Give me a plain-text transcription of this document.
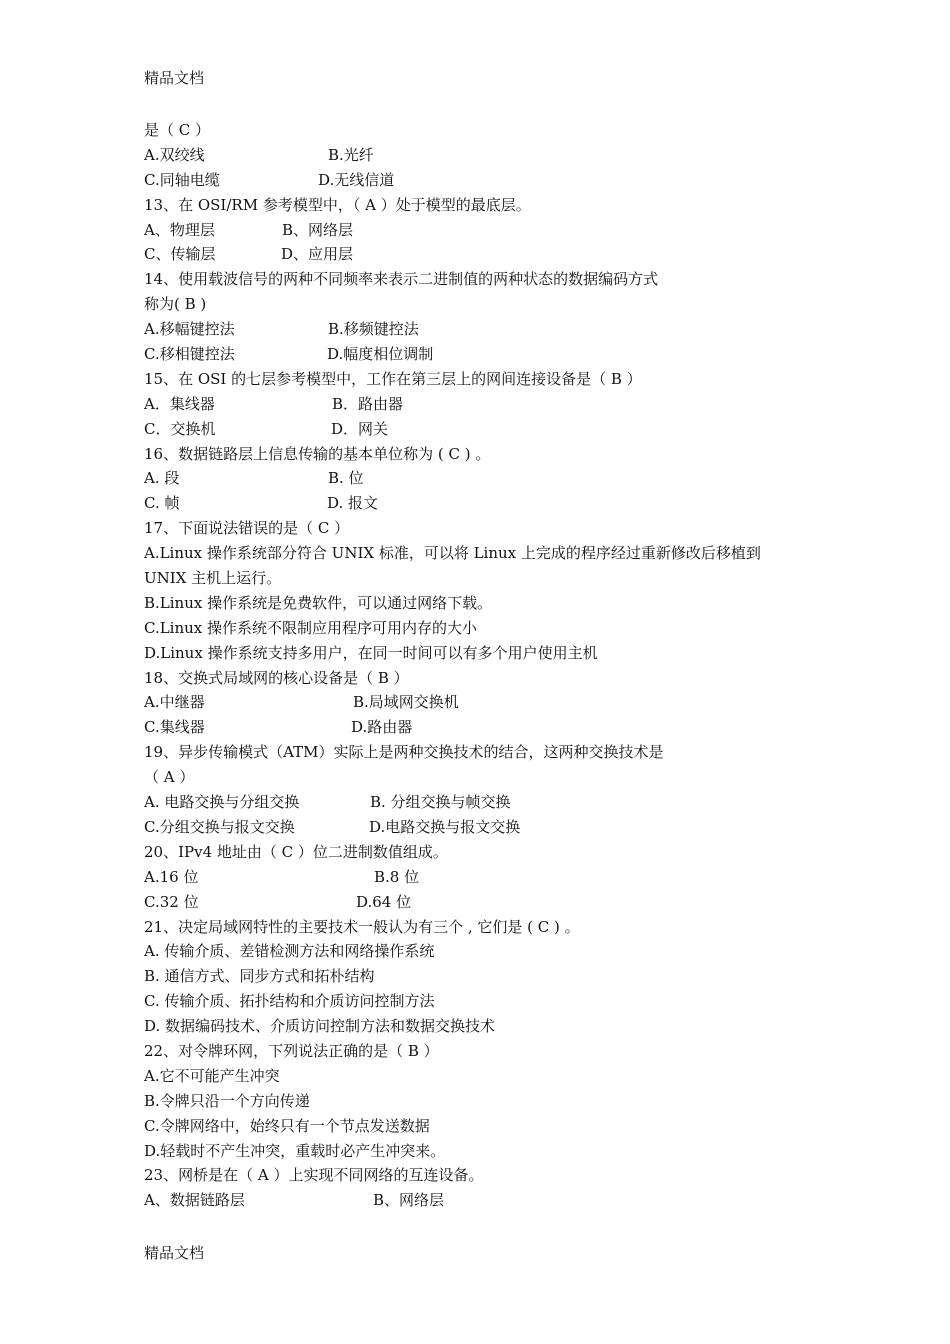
精品文档
是（ C ）
A.双绞线	B.光纤
C.同轴电缆	D.无线信道
13、在 OSI/RM 参考模型中，（ A ）处于模型的最底层。
A、物理层	B、网络层
C、传输层	D、应用层
14、使用载波信号的两种不同频率来表示二进制值的两种状态的数据编码方式
称为( B )
A.移幅键控法	B.移频键控法
C.移相键控法	D.幅度相位调制
15、在 OSI 的七层参考模型中，工作在第三层上的网间连接设备是（ B ）
A．集线器	B．路由器
C．交换机	D．网关
16、数据链路层上信息传输的基本单位称为 ( C ) 。
A. 段	B. 位
C. 帧	D. 报文
17、下面说法错误的是（ C ）
A.Linux 操作系统部分符合 UNIX 标准，可以将 Linux 上完成的程序经过重新修改后移植到
UNIX 主机上运行。
B.Linux 操作系统是免费软件，可以通过网络下载。
C.Linux 操作系统不限制应用程序可用内存的大小
D.Linux 操作系统支持多用户，在同一时间可以有多个用户使用主机
18、交换式局域网的核心设备是（ B ）
A.中继器	B.局域网交换机
C.集线器	D.路由器
19、异步传输模式（ATM）实际上是两种交换技术的结合，这两种交换技术是
（ A ）
A. 电路交换与分组交换	B. 分组交换与帧交换
C.分组交换与报文交换	D.电路交换与报文交换
20、IPv4 地址由（ C ）位二进制数值组成。
A.16 位	B.8 位
C.32 位	D.64 位
21、决定局域网特性的主要技术一般认为有三个 , 它们是 ( C ) 。
A. 传输介质、差错检测方法和网络操作系统
B. 通信方式、同步方式和拓朴结构
C. 传输介质、拓扑结构和介质访问控制方法
D. 数据编码技术、介质访问控制方法和数据交换技术
22、对令牌环网，下列说法正确的是（ B ）
A.它不可能产生冲突
B.令牌只沿一个方向传递
C.令牌网络中，始终只有一个节点发送数据
D.轻载时不产生冲突，重载时必产生冲突来。
23、网桥是在（ A ）上实现不同网络的互连设备。
A、数据链路层	B、网络层
精品文档
